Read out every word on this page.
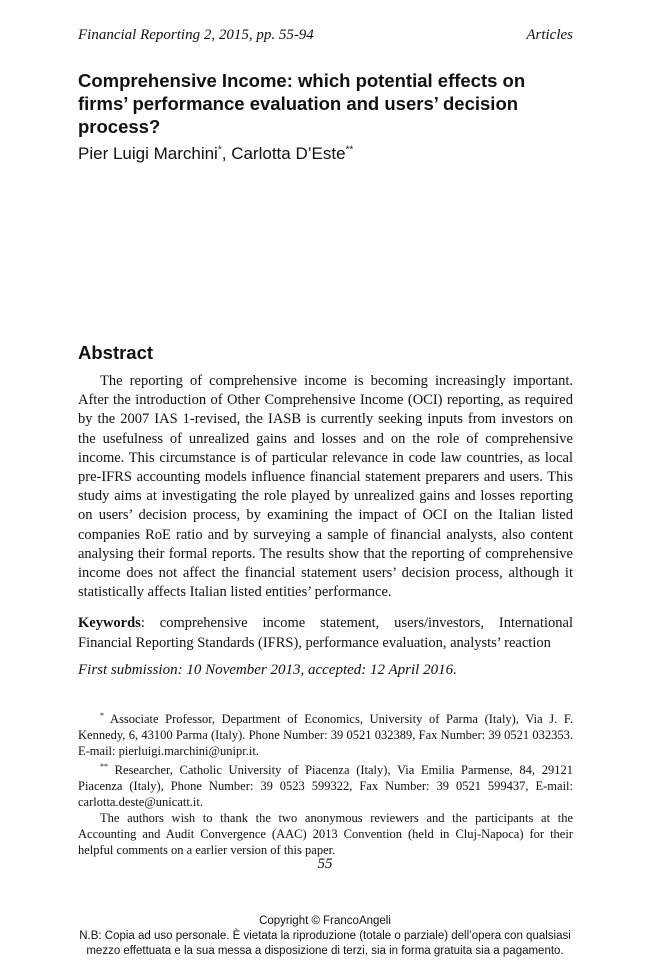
Financial Reporting 2, 2015, pp. 55-94	Articles
Comprehensive Income: which potential effects on firms’ performance evaluation and users’ decision process?
Pier Luigi Marchini*, Carlotta D’Este**
Abstract

The reporting of comprehensive income is becoming increasingly important. After the introduction of Other Comprehensive Income (OCI) reporting, as required by the 2007 IAS 1-revised, the IASB is currently seeking inputs from investors on the usefulness of unrealized gains and losses and on the role of comprehensive income. This circumstance is of particular relevance in code law countries, as local pre-IFRS accounting models influence financial statement preparers and users. This study aims at investigating the role played by unrealized gains and losses reporting on users’ decision process, by examining the impact of OCI on the Italian listed companies RoE ratio and by surveying a sample of financial analysts, also content analysing their formal reports. The results show that the reporting of comprehensive income does not affect the financial statement users’ decision process, although it statistically affects Italian listed entities’ performance.

Keywords: comprehensive income statement, users/investors, International Financial Reporting Standards (IFRS), performance evaluation, analysts’ reaction

First submission: 10 November 2013, accepted: 12 April 2016.

* Associate Professor, Department of Economics, University of Parma (Italy), Via J. F. Kennedy, 6, 43100 Parma (Italy). Phone Number: 39 0521 032389, Fax Number: 39 0521 032353. E-mail: pierluigi.marchini@unipr.it.

** Researcher, Catholic University of Piacenza (Italy), Via Emilia Parmense, 84, 29121 Piacenza (Italy), Phone Number: 39 0523 599322, Fax Number: 39 0521 599437, E-mail: carlotta.deste@unicatt.it.

The authors wish to thank the two anonymous reviewers and the participants at the Accounting and Audit Convergence (AAC) 2013 Convention (held in Cluj-Napoca) for their helpful comments on a earlier version of this paper.

55
Copyright © FrancoAngeli
N.B: Copia ad uso personale. È vietata la riproduzione (totale o parziale) dell’opera con qualsiasi
mezzo effettuata e la sua messa a disposizione di terzi, sia in forma gratuita sia a pagamento.
